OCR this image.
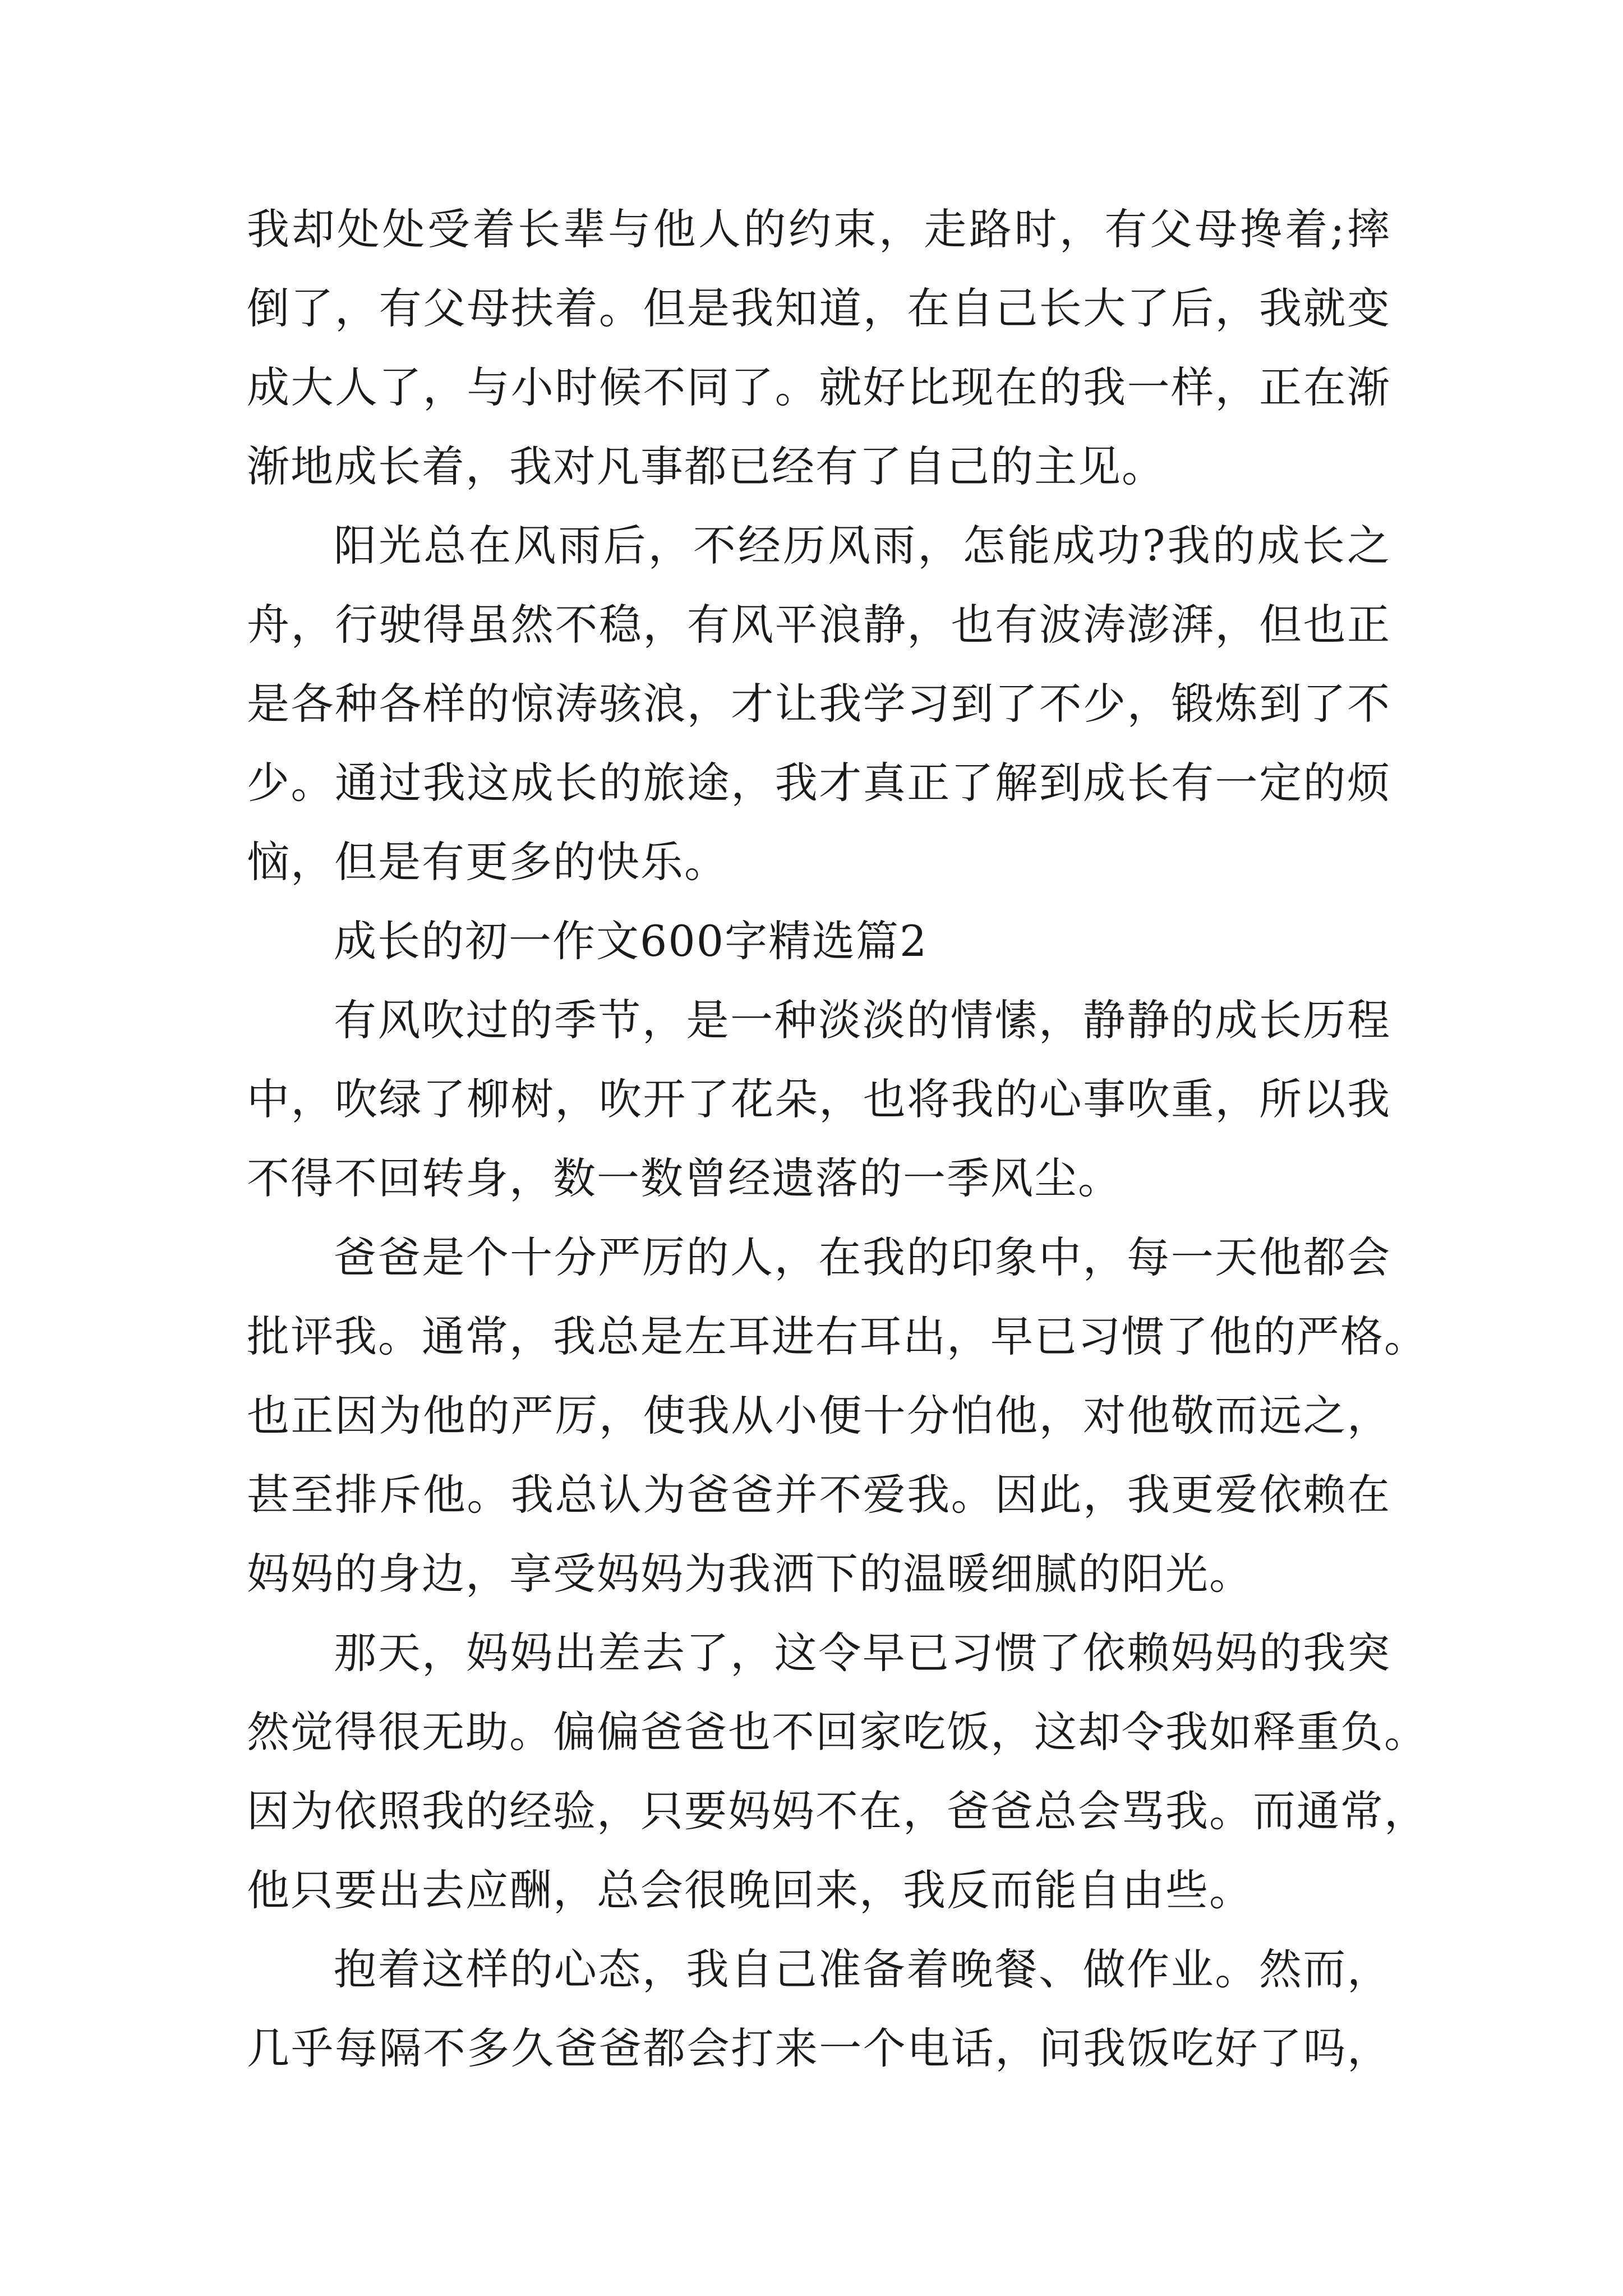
我却处处受着长辈与他人的约束，走路时，有父母搀着;摔
倒了，有父母扶着。但是我知道，在自己长大了后，我就变
成大人了，与小时候不同了。就好比现在的我一样，正在渐
渐地成长着，我对凡事都已经有了自己的主见。
阳光总在风雨后，不经历风雨，怎能成功?我的成长之
舟，行驶得虽然不稳，有风平浪静，也有波涛澎湃，但也正
是各种各样的惊涛骇浪，才让我学习到了不少，锻炼到了不
少。通过我这成长的旅途，我才真正了解到成长有一定的烦
恼，但是有更多的快乐。
成长的初一作文600字精选篇2
有风吹过的季节，是一种淡淡的情愫，静静的成长历程
中，吹绿了柳树，吹开了花朵，也将我的心事吹重，所以我
不得不回转身，数一数曾经遗落的一季风尘。
爸爸是个十分严厉的人，在我的印象中，每一天他都会
批评我。通常，我总是左耳进右耳出，早已习惯了他的严格。
也正因为他的严厉，使我从小便十分怕他，对他敬而远之，
甚至排斥他。我总认为爸爸并不爱我。因此，我更爱依赖在
妈妈的身边，享受妈妈为我洒下的温暖细腻的阳光。
那天，妈妈出差去了，这令早已习惯了依赖妈妈的我突
然觉得很无助。偏偏爸爸也不回家吃饭，这却令我如释重负。
因为依照我的经验，只要妈妈不在，爸爸总会骂我。而通常，
他只要出去应酬，总会很晚回来，我反而能自由些。
抱着这样的心态，我自己准备着晚餐、做作业。然而，
几乎每隔不多久爸爸都会打来一个电话，问我饭吃好了吗，
